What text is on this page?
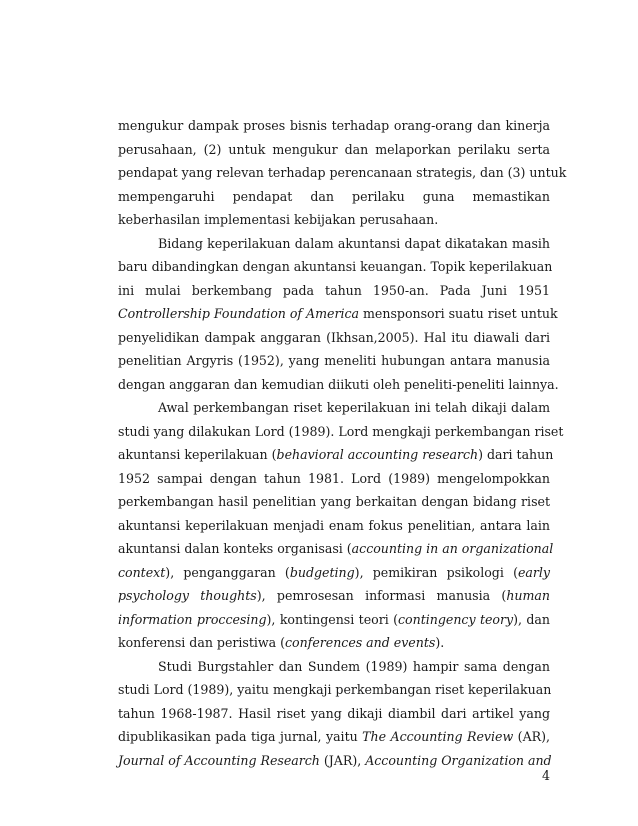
mengukur dampak proses bisnis terhadap orang-orang dan kinerja
perusahaan, (2) untuk mengukur dan melaporkan perilaku serta
pendapat yang relevan terhadap perencanaan strategis, dan (3) untuk
mempengaruhi pendapat dan perilaku guna memastikan
keberhasilan implementasi kebijakan perusahaan.
Bidang keperilakuan dalam akuntansi dapat dikatakan masih
baru dibandingkan dengan akuntansi keuangan. Topik keperilakuan
ini mulai berkembang pada tahun 1950-an. Pada Juni 1951
Controllership Foundation of America mensponsori suatu riset untuk
penyelidikan dampak anggaran (Ikhsan,2005). Hal itu diawali dari
penelitian Argyris (1952), yang meneliti hubungan antara manusia
dengan anggaran dan kemudian diikuti oleh peneliti-peneliti lainnya.
Awal perkembangan riset keperilakuan ini telah dikaji dalam
studi yang dilakukan Lord (1989). Lord mengkaji perkembangan riset
akuntansi keperilakuan (behavioral accounting research) dari tahun
1952 sampai dengan tahun 1981. Lord (1989) mengelompokkan
perkembangan hasil penelitian yang berkaitan dengan bidang riset
akuntansi keperilakuan menjadi enam fokus penelitian, antara lain
akuntansi dalan konteks organisasi (accounting in an organizational
context), penganggaran (budgeting), pemikiran psikologi (early
psychology thoughts), pemrosesan informasi manusia (human
information proccesing), kontingensi teori (contingency teory), dan
konferensi dan peristiwa (conferences and events).
Studi Burgstahler dan Sundem (1989) hampir sama dengan
studi Lord (1989), yaitu mengkaji perkembangan riset keperilakuan
tahun 1968-1987. Hasil riset yang dikaji diambil dari artikel yang
dipublikasikan pada tiga jurnal, yaitu The Accounting Review (AR),
Journal of Accounting Research (JAR), Accounting Organization and
4
